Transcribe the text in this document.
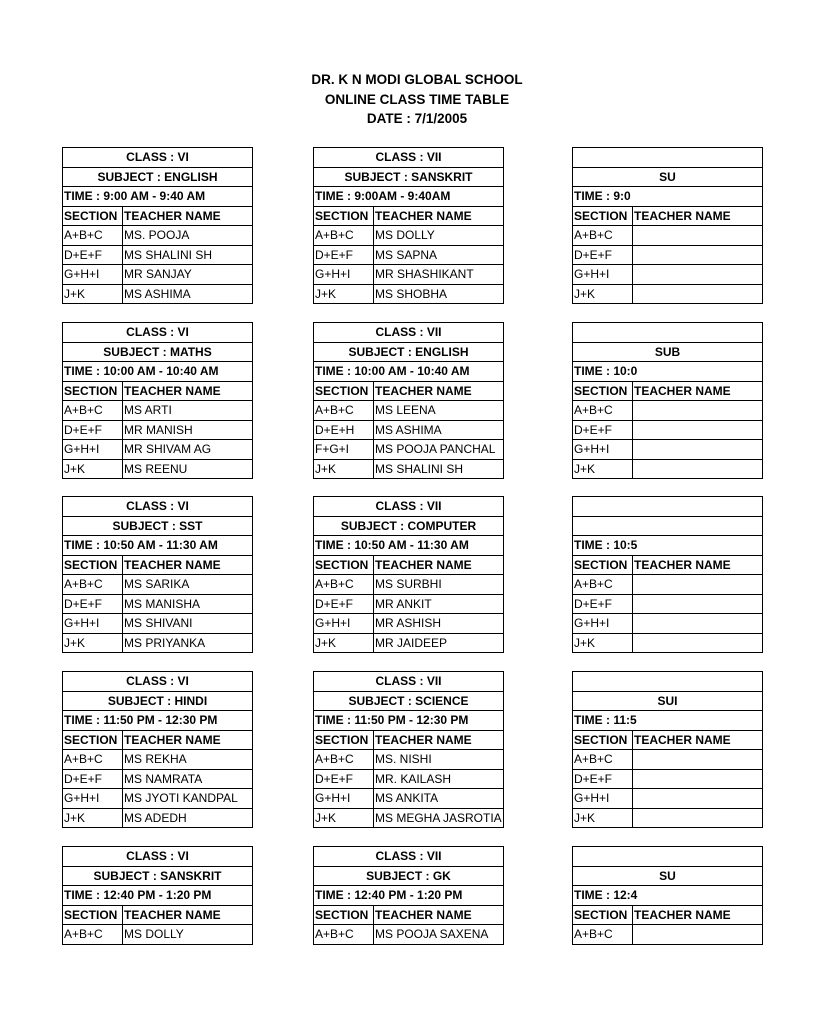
DR. K N MODI GLOBAL SCHOOL
ONLINE CLASS TIME TABLE
DATE : 7/1/2005
CLASS : VI	
SUBJECT : ENGLISH	
TIME : 9:00 AM - 9:40 AM	
SECTION	TEACHER NAME
A+B+C	MS. POOJA
D+E+F	MS SHALINI SH
G+H+I	MR SANJAY
J+K	MS ASHIMA
CLASS : VII	
SUBJECT : SANSKRIT	
TIME : 9:00AM - 9:40AM	
SECTION	TEACHER NAME
A+B+C	MS DOLLY
D+E+F	MS SAPNA
G+H+I	MR SHASHIKANT
J+K	MS SHOBHA

SU	
TIME : 9:0	
SECTION	TEACHER NAME
A+B+C	
D+E+F	
G+H+I	
J+K	
CLASS : VI	
SUBJECT : MATHS	
TIME : 10:00 AM - 10:40 AM	
SECTION	TEACHER NAME
A+B+C	MS ARTI
D+E+F	MR MANISH
G+H+I	MR SHIVAM AG
J+K	MS REENU
CLASS : VII	
SUBJECT : ENGLISH	
TIME : 10:00 AM - 10:40 AM	
SECTION	TEACHER NAME
A+B+C	MS LEENA
D+E+H	MS ASHIMA
F+G+I	MS POOJA PANCHAL
J+K	MS SHALINI SH

SUB	
TIME : 10:0	
SECTION	TEACHER NAME
A+B+C	
D+E+F	
G+H+I	
J+K	
CLASS : VI	
SUBJECT : SST	
TIME : 10:50 AM - 11:30 AM	
SECTION	TEACHER NAME
A+B+C	MS SARIKA
D+E+F	MS MANISHA
G+H+I	MS SHIVANI
J+K	MS PRIYANKA
CLASS : VII	
SUBJECT : COMPUTER	
TIME : 10:50 AM - 11:30 AM	
SECTION	TEACHER NAME
A+B+C	MS SURBHI
D+E+F	MR ANKIT
G+H+I	MR ASHISH
J+K	MR JAIDEEP

TIME : 10:5	
SECTION	TEACHER NAME
A+B+C	
D+E+F	
G+H+I	
J+K	
CLASS : VI	
SUBJECT : HINDI	
TIME : 11:50 PM - 12:30 PM	
SECTION	TEACHER NAME
A+B+C	MS REKHA
D+E+F	MS NAMRATA
G+H+I	MS JYOTI KANDPAL
J+K	MS ADEDH
CLASS : VII	
SUBJECT : SCIENCE	
TIME : 11:50 PM - 12:30 PM	
SECTION	TEACHER NAME
A+B+C	MS. NISHI
D+E+F	MR. KAILASH
G+H+I	MS ANKITA
J+K	MS MEGHA JASROTIA

SUI	
TIME : 11:5	
SECTION	TEACHER NAME
A+B+C	
D+E+F	
G+H+I	
J+K	
CLASS : VI	
SUBJECT : SANSKRIT	
TIME : 12:40 PM - 1:20 PM	
SECTION	TEACHER NAME
A+B+C	MS DOLLY
CLASS : VII	
SUBJECT : GK	
TIME : 12:40 PM - 1:20 PM	
SECTION	TEACHER NAME
A+B+C	MS POOJA SAXENA

SU	
TIME : 12:4	
SECTION	TEACHER NAME
A+B+C	
